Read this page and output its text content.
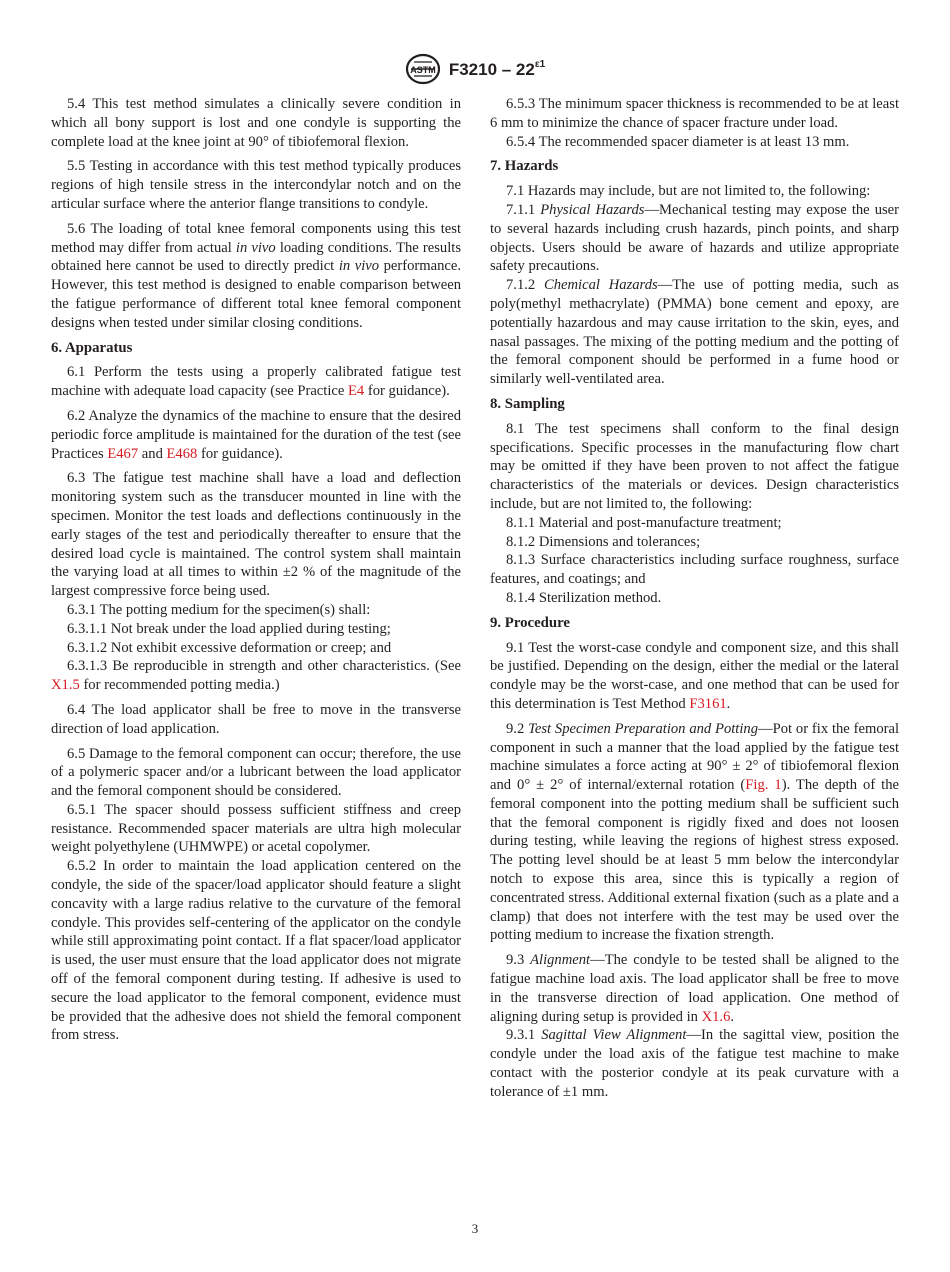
ASTM $F3210 - 22^{\varepsilon 1}$

5.4 This test method simulates a clinically severe condition in which all bony support is lost and one condyle is supporting the complete load at the knee joint at 90° of tibiofemoral flexion.

5.5 Testing in accordance with this test method typically produces regions of high tensile stress in the intercondylar notch and on the articular surface where the anterior flange transitions to condyle.

5.6 The loading of total knee femoral components using this test method may differ from actual in vivo loading conditions. The results obtained here cannot be used to directly predict in vivo performance. However, this test method is designed to enable comparison between the fatigue performance of different total knee femoral component designs when tested under similar closing conditions.

6. Apparatus

6.1 Perform the tests using a properly calibrated fatigue test machine with adequate load capacity (see Practice E4 for guidance).

6.2 Analyze the dynamics of the machine to ensure that the desired periodic force amplitude is maintained for the duration of the test (see Practices E467 and E468 for guidance).

6.3 The fatigue test machine shall have a load and deflection monitoring system such as the transducer mounted in line with the specimen. Monitor the test loads and deflections continuously in the early stages of the test and periodically thereafter to ensure that the desired load cycle is maintained. The control system shall maintain the varying load at all times to within ±2 % of the magnitude of the largest compressive force being used.

6.3.1 The potting medium for the specimen(s) shall:

6.3.1.1 Not break under the load applied during testing;

6.3.1.2 Not exhibit excessive deformation or creep; and

6.3.1.3 Be reproducible in strength and other characteristics. (See X1.5 for recommended potting media.)

6.4 The load applicator shall be free to move in the transverse direction of load application.

6.5 Damage to the femoral component can occur; therefore, the use of a polymeric spacer and/or a lubricant between the load applicator and the femoral component should be considered.

6.5.1 The spacer should possess sufficient stiffness and creep resistance. Recommended spacer materials are ultra high molecular weight polyethylene (UHMWPE) or acetal copolymer.

6.5.2 In order to maintain the load application centered on the condyle, the side of the spacer/load applicator should feature a slight concavity with a large radius relative to the curvature of the femoral condyle. This provides self-centering of the applicator on the condyle while still approximating point contact. If a flat spacer/load applicator is used, the user must ensure that the load applicator does not migrate off of the femoral component during testing. If adhesive is used to secure the load applicator to the femoral component, evidence must be provided that the adhesive does not shield the femoral component from stress.

6.5.3 The minimum spacer thickness is recommended to be at least 6 mm to minimize the chance of spacer fracture under load.

6.5.4 The recommended spacer diameter is at least 13 mm.

7. Hazards

7.1 Hazards may include, but are not limited to, the following:

7.1.1 Physical Hazards—Mechanical testing may expose the user to several hazards including crush hazards, pinch points, and sharp objects. Users should be aware of hazards and utilize appropriate safety precautions.

7.1.2 Chemical Hazards—The use of potting media, such as poly(methyl methacrylate) (PMMA) bone cement and epoxy, are potentially hazardous and may cause irritation to the skin, eyes, and nasal passages. The mixing of the potting medium and the potting of the femoral component should be performed in a fume hood or similarly well-ventilated area.

8. Sampling

8.1 The test specimens shall conform to the final design specifications. Specific processes in the manufacturing flow chart may be omitted if they have been proven to not affect the fatigue characteristics of the materials or devices. Design characteristics include, but are not limited to, the following:

8.1.1 Material and post-manufacture treatment;

8.1.2 Dimensions and tolerances;

8.1.3 Surface characteristics including surface roughness, surface features, and coatings; and

8.1.4 Sterilization method.

9. Procedure

9.1 Test the worst-case condyle and component size, and this shall be justified. Depending on the design, either the medial or the lateral condyle may be the worst-case, and one method that can be used for this determination is Test Method F3161.

9.2 Test Specimen Preparation and Potting—Pot or fix the femoral component in such a manner that the load applied by the fatigue test machine simulates a force acting at 90° ± 2° of tibiofemoral flexion and 0° ± 2° of internal/external rotation (Fig. 1). The depth of the femoral component into the potting medium shall be sufficient such that the femoral component is rigidly fixed and does not loosen during testing, while leaving the regions of highest stress exposed. The potting level should be at least 5 mm below the intercondylar notch to expose this area, since this is typically a region of concentrated stress. Additional external fixation (such as a plate and a clamp) that does not interfere with the test may be used over the potting medium to increase the fixation strength.

9.3 Alignment—The condyle to be tested shall be aligned to the fatigue machine load axis. The load applicator shall be free to move in the transverse direction of load application. One method of aligning during setup is provided in X1.6.

9.3.1 Sagittal View Alignment—In the sagittal view, position the condyle under the load axis of the fatigue test machine to make contact with the posterior condyle at its peak curvature with a tolerance of ±1 mm.

3
